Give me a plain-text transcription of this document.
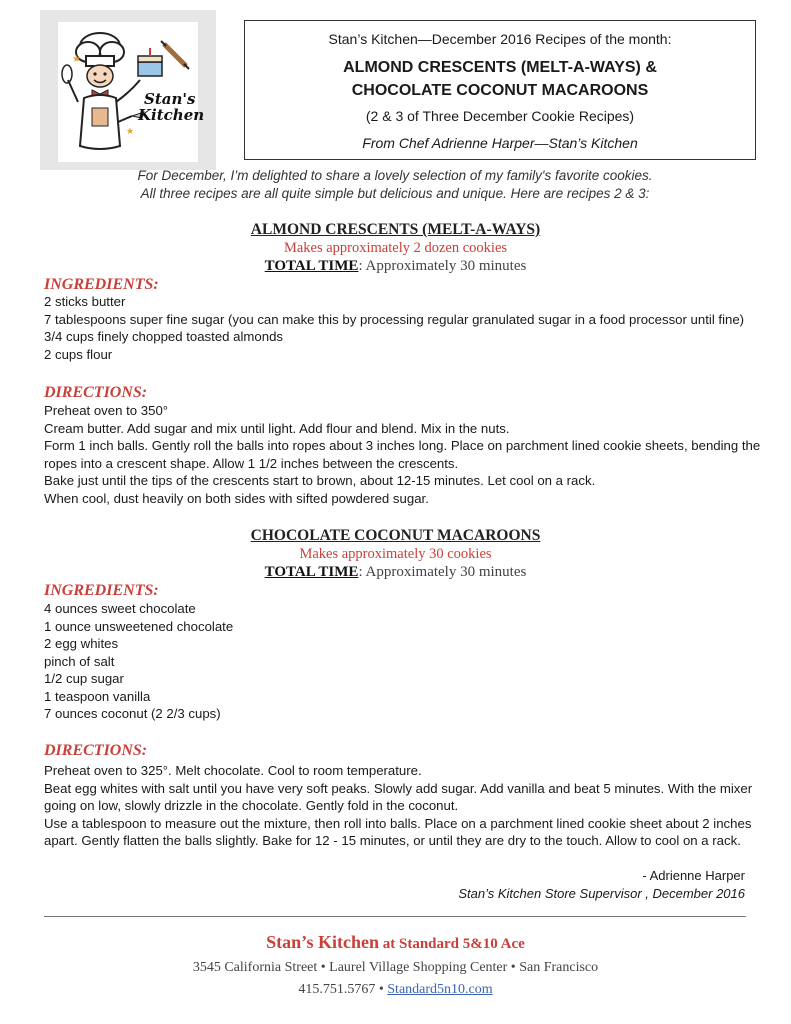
★
★
Stan's
Kitchen
Stan’s Kitchen—December 2016 Recipes of the month:
ALMOND CRESCENTS (MELT-A-WAYS) &
CHOCOLATE COCONUT MACAROONS
(2 & 3 of Three December Cookie Recipes)
From Chef Adrienne Harper—Stan’s Kitchen
For December, I’m delighted to share a lovely selection of my family's favorite cookies.
All three recipes are all quite simple but delicious and unique. Here are recipes 2 & 3:
ALMOND CRESCENTS (MELT-A-WAYS)
Makes approximately 2 dozen cookies
TOTAL TIME: Approximately 30 minutes
INGREDIENTS:
2 sticks butter
7 tablespoons super fine sugar (you can make this by processing regular granulated sugar in a food processor until fine)
3/4 cups finely chopped toasted almonds
2 cups flour
DIRECTIONS:
Preheat oven to 350°
Cream butter. Add sugar and mix until light. Add flour and blend. Mix in the nuts.
Form 1 inch balls. Gently roll the balls into ropes about 3 inches long. Place on parchment lined cookie sheets, bending the
ropes into a crescent shape. Allow 1 1/2 inches between the crescents.
Bake just until the tips of the crescents start to brown, about 12-15 minutes. Let cool on a rack.
When cool, dust heavily on both sides with sifted powdered sugar.
CHOCOLATE COCONUT MACAROONS
Makes approximately 30 cookies
TOTAL TIME: Approximately 30 minutes
INGREDIENTS:
4 ounces sweet chocolate
1 ounce unsweetened chocolate
2 egg whites
pinch of salt
1/2 cup sugar
1 teaspoon vanilla
7 ounces coconut (2 2/3 cups)
DIRECTIONS:
Preheat oven to 325°. Melt chocolate. Cool to room temperature.
Beat egg whites with salt until you have very soft peaks. Slowly add sugar. Add vanilla and beat 5 minutes. With the mixer
going on low, slowly drizzle in the chocolate. Gently fold in the coconut.
Use a tablespoon to measure out the mixture, then roll into balls. Place on a parchment lined cookie sheet about 2 inches
apart. Gently flatten the balls slightly. Bake for 12 - 15 minutes, or until they are dry to the touch. Allow to cool on a rack.
- Adrienne Harper
Stan’s Kitchen Store Supervisor , December 2016
Stan’s Kitchen at Standard 5&10 Ace
3545 California Street • Laurel Village Shopping Center • San Francisco
415.751.5767 • Standard5n10.com
